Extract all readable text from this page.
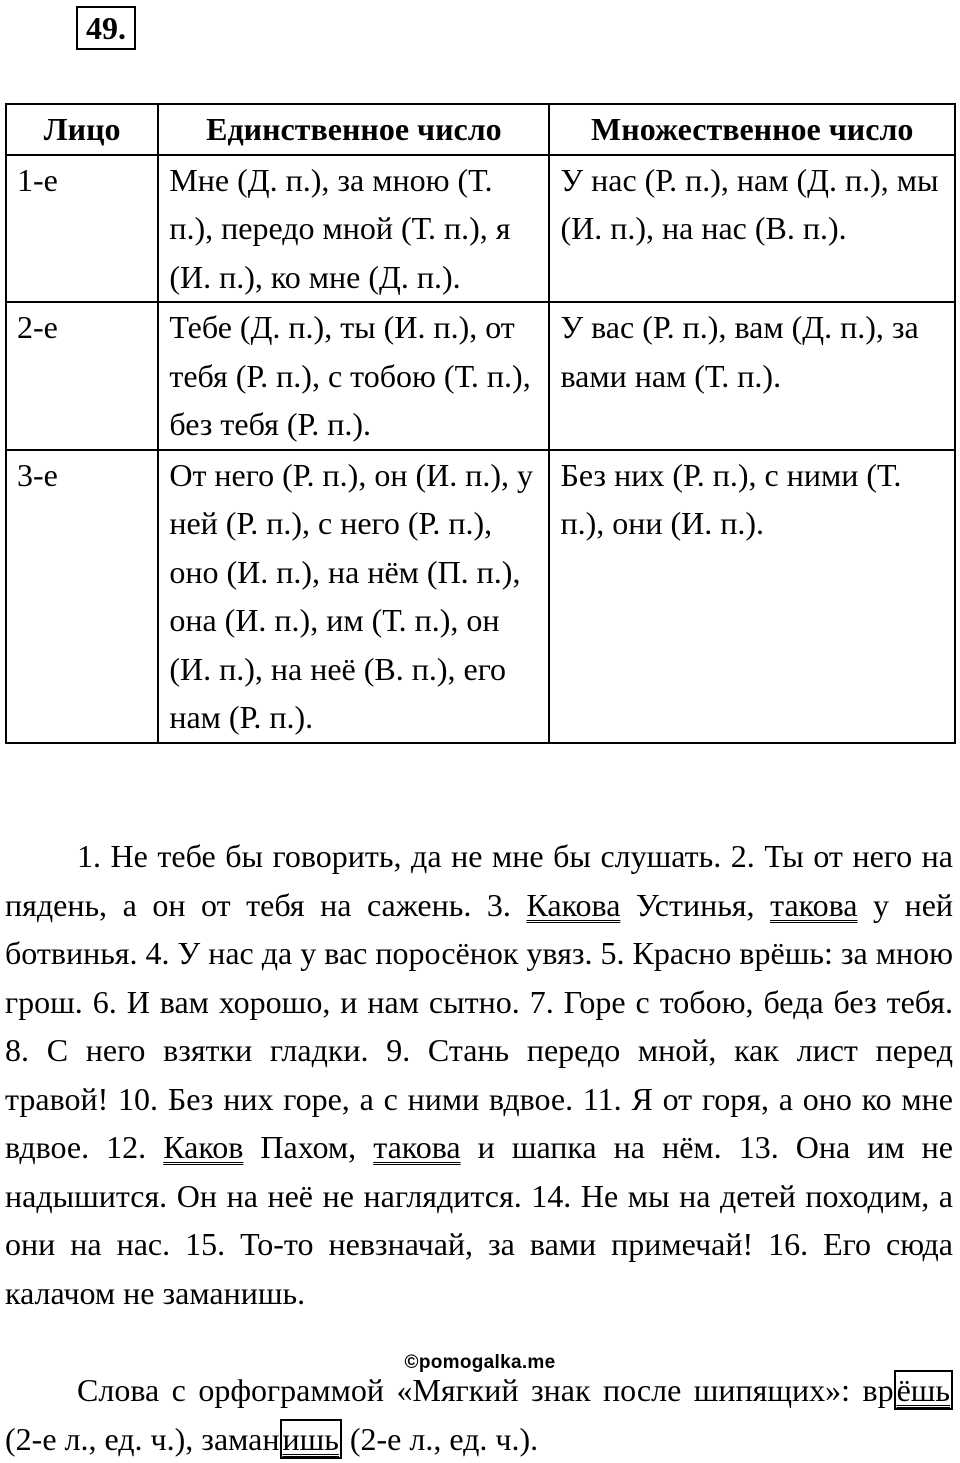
49.
Лицо	Единственное число	Множественное число
1-е	Мне (Д. п.), за мною (Т. п.), передо мной (Т. п.), я (И. п.), ко мне (Д. п.).	У нас (Р. п.), нам (Д. п.), мы (И. п.), на нас (В. п.).
2-е	Тебе (Д. п.), ты (И. п.), от тебя (Р. п.), с тобою (Т. п.), без тебя (Р. п.).	У вас (Р. п.), вам (Д. п.), за вами нам (Т. п.).
3-е	От него (Р. п.), он (И. п.), у ней (Р. п.), с него (Р. п.), оно (И. п.), на нём (П. п.), она (И. п.), им (Т. п.), он (И. п.), на неё (В. п.), его нам (Р. п.).	Без них (Р. п.), с ними (Т. п.), они (И. п.).

1. Не тебе бы говорить, да не мне бы слушать. 2. Ты от него на пядень, а он от тебя на сажень. 3. Какова Устинья, такова у ней ботвинья. 4. У нас да у вас поросёнок увяз. 5. Красно врёшь: за мною грош. 6. И вам хорошо, и нам сытно. 7. Горе с тобою, беда без тебя. 8. С него взятки гладки. 9. Стань передо мной, как лист перед травой! 10. Без них горе, а с ними вдвое. 11. Я от горя, а оно ко мне вдвое. 12. Каков Пахом, такова и шапка на нём. 13. Она им не надышится. Он на неё не наглядится. 14. Не мы на детей походим, а они на нас. 15. То-то невзначай, за вами примечай! 16. Его сюда калачом не заманишь.

©pomogalka.me

Слова с орфограммой «Мягкий знак после шипящих»: врёшь (2-е л., ед. ч.), заманишь (2-е л., ед. ч.).
